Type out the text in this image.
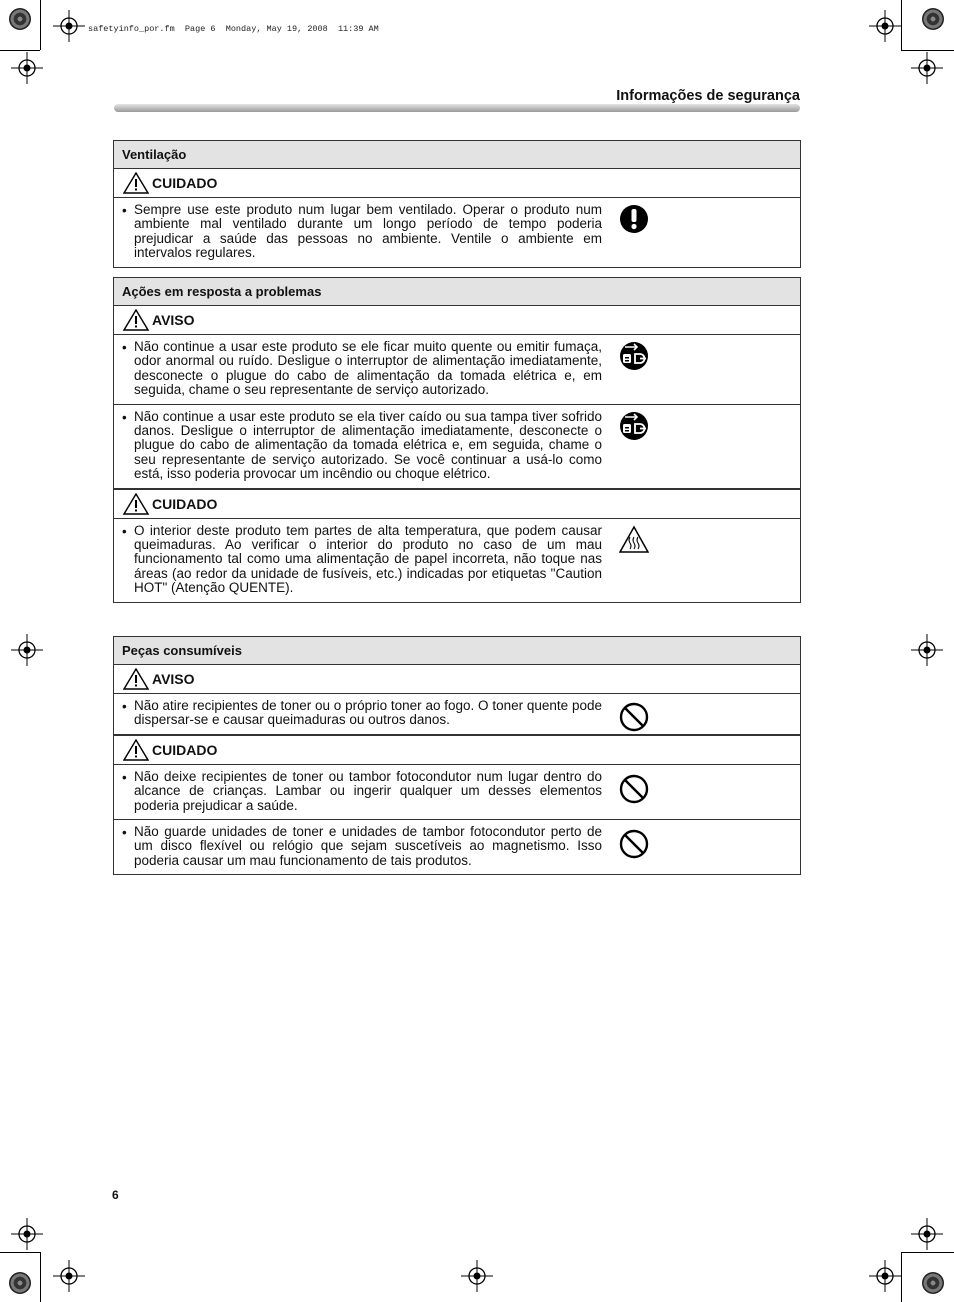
safetyinfo_por.fm  Page 6  Monday, May 19, 2008  11:39 AM
Informações de segurança
Ventilação
CUIDADO
• Sempre use este produto num lugar bem ventilado. Operar o produto num ambiente mal ventilado durante um longo período de tempo poderia prejudicar a saúde das pessoas no ambiente. Ventile o ambiente em intervalos regulares.
Ações em resposta a problemas
AVISO
• Não continue a usar este produto se ele ficar muito quente ou emitir fumaça, odor anormal ou ruído. Desligue o interruptor de alimentação imediatamente, desconecte o plugue do cabo de alimentação da tomada elétrica e, em seguida, chame o seu representante de serviço autorizado.
• Não continue a usar este produto se ela tiver caído ou sua tampa tiver sofrido danos. Desligue o interruptor de alimentação imediatamente, desconecte o plugue do cabo de alimentação da tomada elétrica e, em seguida, chame o seu representante de serviço autorizado. Se você continuar a usá-lo como está, isso poderia provocar um incêndio ou choque elétrico.
CUIDADO
• O interior deste produto tem partes de alta temperatura, que podem causar queimaduras. Ao verificar o interior do produto no caso de um mau funcionamento tal como uma alimentação de papel incorreta, não toque nas áreas (ao redor da unidade de fusíveis, etc.) indicadas por etiquetas "Caution HOT" (Atenção QUENTE).
Peças consumíveis
AVISO
• Não atire recipientes de toner ou o próprio toner ao fogo. O toner quente pode dispersar-se e causar queimaduras ou outros danos.
CUIDADO
• Não deixe recipientes de toner ou tambor fotocondutor num lugar dentro do alcance de crianças. Lambar ou ingerir qualquer um desses elementos poderia prejudicar a saúde.
• Não guarde unidades de toner e unidades de tambor fotocondutor perto de um disco flexível ou relógio que sejam suscetíveis ao magnetismo. Isso poderia causar um mau funcionamento de tais produtos.
6
